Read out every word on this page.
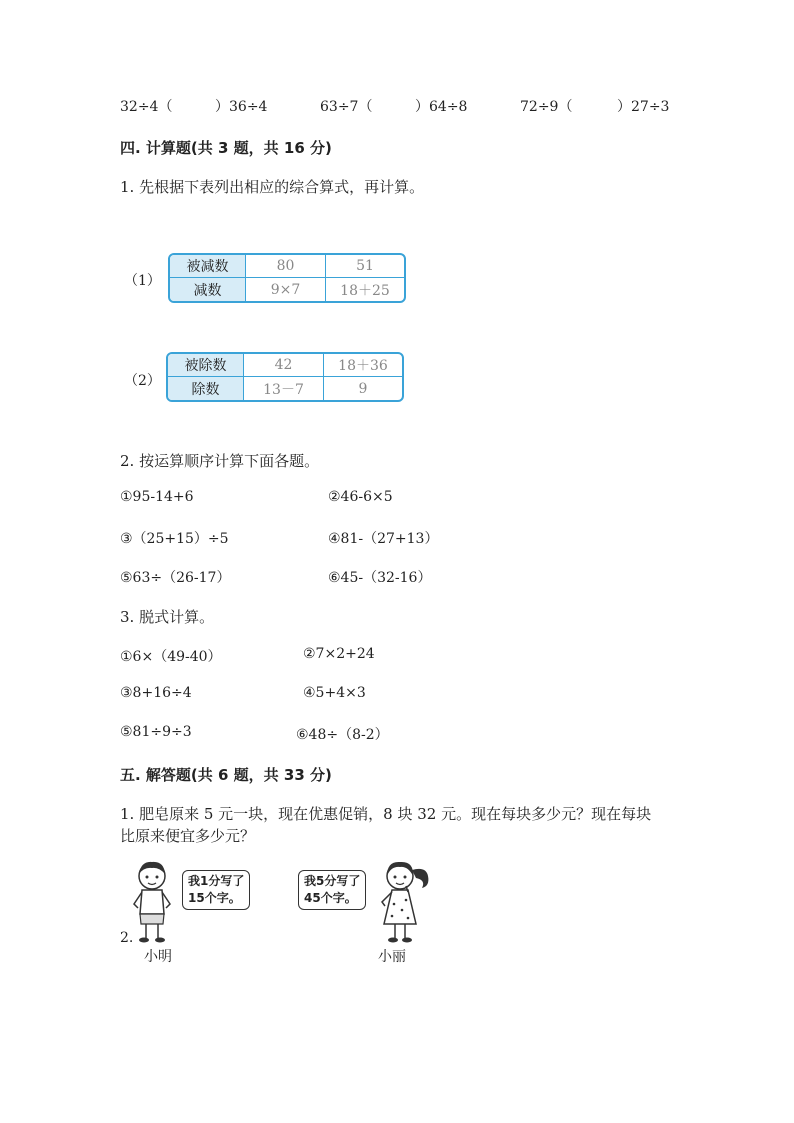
32÷4（	）36÷4	63÷7（	）64÷8	72÷9（	）27÷3
四. 计算题(共 3 题，共 16 分)
1. 先根据下表列出相应的综合算式，再计算。
（1）
被减数	80	51
减数	9×7	18＋25
（2）
被除数	42	18＋36
除数	13－7	9
2. 按运算顺序计算下面各题。
①95-14+6	②46-6×5
③（25+15）÷5	④81-（27+13）
⑤63÷（26-17）	⑥45-（32-16）
3. 脱式计算。
①6×（49-40）	②7×2+24
③8+16÷4	④5+4×3
⑤81÷9÷3	⑥48÷（8-2）
五. 解答题(共 6 题，共 33 分)
1. 肥皂原来 5 元一块，现在优惠促销，8 块 32 元。现在每块多少元？现在每块
比原来便宜多少元？
我1分写了
15个字。
2.
小明
我5分写了
45个字。
小丽
